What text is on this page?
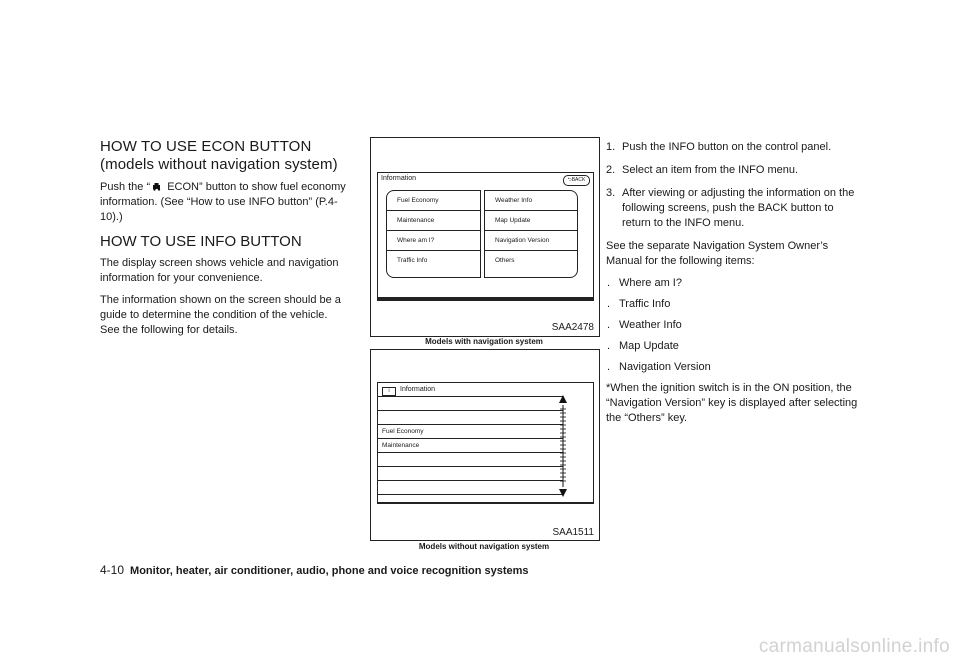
HOW TO USE ECON BUTTON (models without navigation system)

Push the “ ECON” button to show fuel economy information. (See “How to use INFO button” (P.4-10).)

HOW TO USE INFO BUTTON

The display screen shows vehicle and navigation information for your convenience.

The information shown on the screen should be a guide to determine the condition of the vehicle. See the following for details.

Information	⮌BACK
Fuel Economy
Maintenance
Where am I?
Traffic Info
Weather Info
Map Update
Navigation Version
Others
SAA2478
Models with navigation system
i	Information
Fuel Economy
Maintenance
SAA1511
Models without navigation system
1. Push the INFO button on the control panel.
2. Select an item from the INFO menu.
3. After viewing or adjusting the information on the following screens, push the BACK button to return to the INFO menu.

See the separate Navigation System Owner’s Manual for the following items:

. Where am I?
. Traffic Info
. Weather Info
. Map Update
. Navigation Version

*When the ignition switch is in the ON position, the “Navigation Version” key is displayed after selecting the “Others” key.

4-10 Monitor, heater, air conditioner, audio, phone and voice recognition systems
carmanualsonline.info
